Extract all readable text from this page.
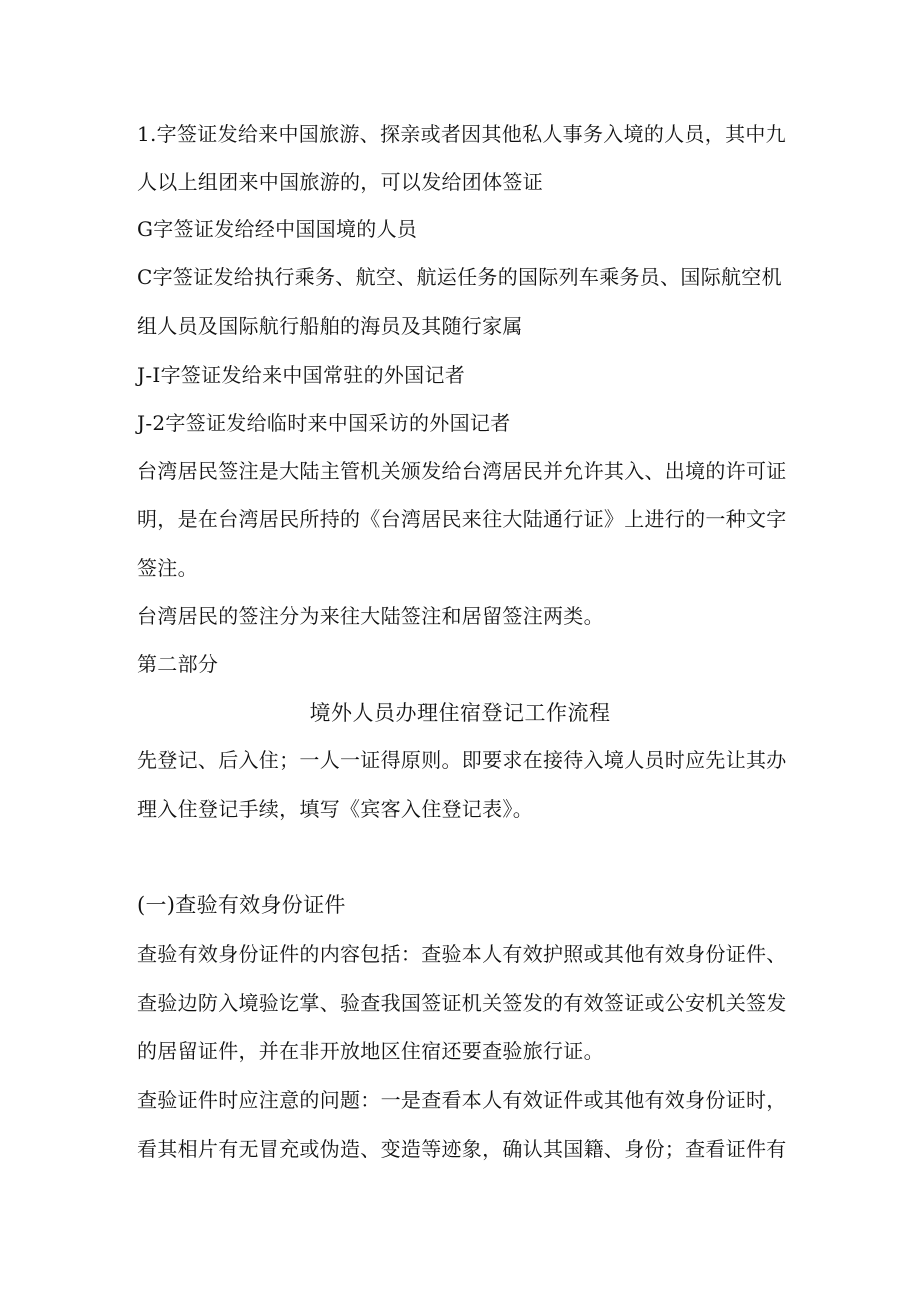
1.字签证发给来中国旅游、探亲或者因其他私人事务入境的人员，其中九
人以上组团来中国旅游的，可以发给团体签证
G字签证发给经中国国境的人员
C字签证发给执行乘务、航空、航运任务的国际列车乘务员、国际航空机
组人员及国际航行船舶的海员及其随行家属
J-I字签证发给来中国常驻的外国记者
J-2字签证发给临时来中国采访的外国记者
台湾居民签注是大陆主管机关颁发给台湾居民并允许其入、出境的许可证
明，是在台湾居民所持的《台湾居民来往大陆通行证》上进行的一种文字
签注。
台湾居民的签注分为来往大陆签注和居留签注两类。
第二部分
境外人员办理住宿登记工作流程
先登记、后入住；一人一证得原则。即要求在接待入境人员时应先让其办
理入住登记手续，填写《宾客入住登记表》。
(一)查验有效身份证件
查验有效身份证件的内容包括：查验本人有效护照或其他有效身份证件、
查验边防入境验讫掌、验查我国签证机关签发的有效签证或公安机关签发
的居留证件，并在非开放地区住宿还要查验旅行证。
查验证件时应注意的问题：一是查看本人有效证件或其他有效身份证时，
看其相片有无冒充或伪造、变造等迹象，确认其国籍、身份；查看证件有
